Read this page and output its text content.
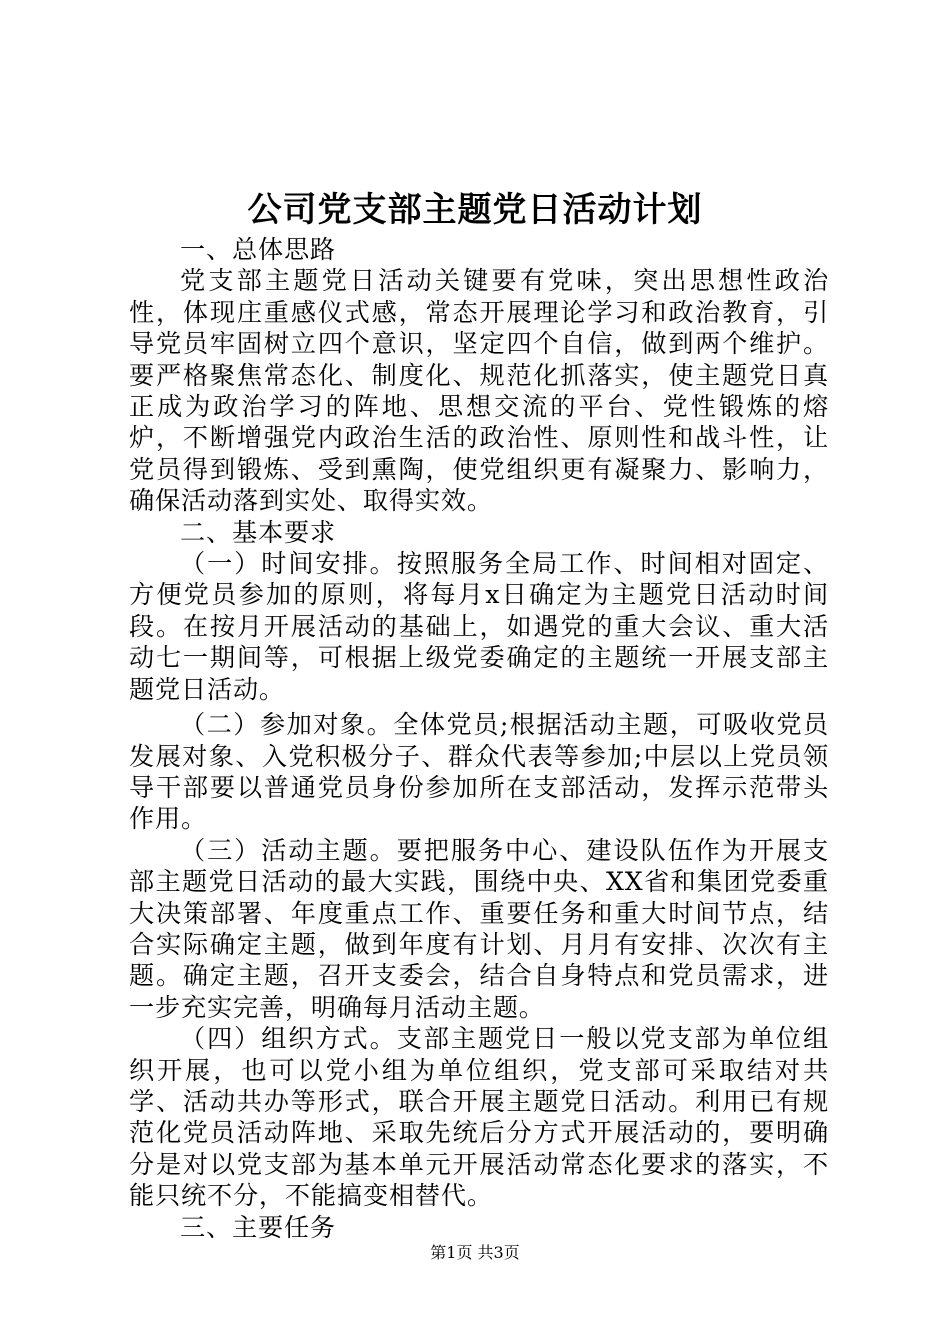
公司党支部主题党日活动计划

一、总体思路

党支部主题党日活动关键要有党味，突出思想性政治性，体现庄重感仪式感，常态开展理论学习和政治教育，引导党员牢固树立四个意识，坚定四个自信，做到两个维护。要严格聚焦常态化、制度化、规范化抓落实，使主题党日真正成为政治学习的阵地、思想交流的平台、党性锻炼的熔炉，不断增强党内政治生活的政治性、原则性和战斗性，让党员得到锻炼、受到熏陶，使党组织更有凝聚力、影响力，确保活动落到实处、取得实效。

二、基本要求

（一）时间安排。按照服务全局工作、时间相对固定、方便党员参加的原则，将每月x日确定为主题党日活动时间段。在按月开展活动的基础上，如遇党的重大会议、重大活动七一期间等，可根据上级党委确定的主题统一开展支部主题党日活动。

（二）参加对象。全体党员;根据活动主题，可吸收党员发展对象、入党积极分子、群众代表等参加;中层以上党员领导干部要以普通党员身份参加所在支部活动，发挥示范带头作用。

（三）活动主题。要把服务中心、建设队伍作为开展支部主题党日活动的最大实践，围绕中央、XX省和集团党委重大决策部署、年度重点工作、重要任务和重大时间节点，结合实际确定主题，做到年度有计划、月月有安排、次次有主题。确定主题，召开支委会，结合自身特点和党员需求，进一步充实完善，明确每月活动主题。

（四）组织方式。支部主题党日一般以党支部为单位组织开展，也可以党小组为单位组织，党支部可采取结对共学、活动共办等形式，联合开展主题党日活动。利用已有规范化党员活动阵地、采取先统后分方式开展活动的，要明确分是对以党支部为基本单元开展活动常态化要求的落实，不能只统不分，不能搞变相替代。

三、主要任务

第1页 共3页
